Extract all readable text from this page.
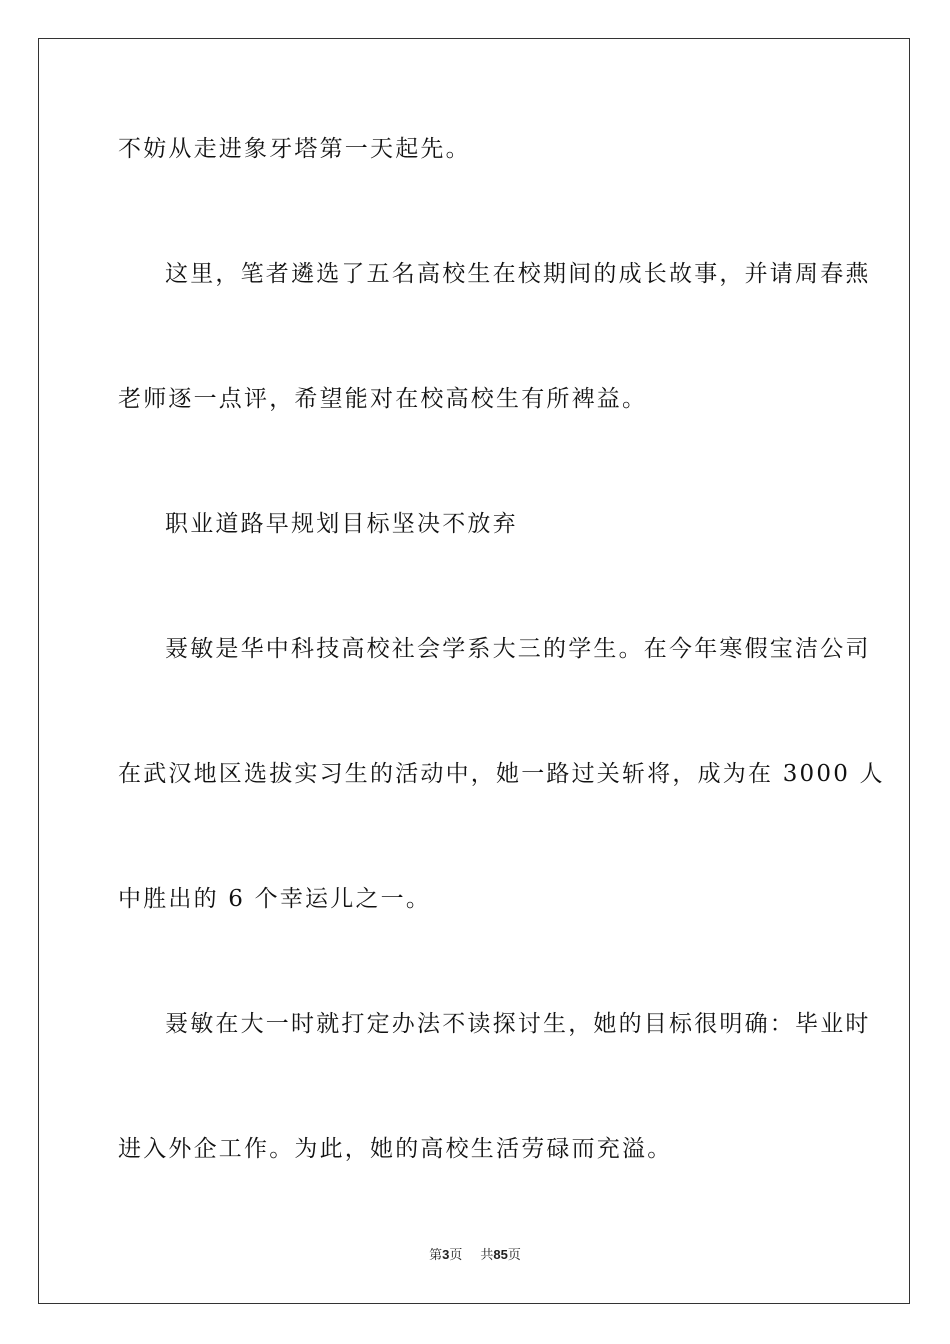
不妨从走进象牙塔第一天起先。
这里，笔者遴选了五名高校生在校期间的成长故事，并请周春燕
老师逐一点评，希望能对在校高校生有所裨益。
职业道路早规划目标坚决不放弃
聂敏是华中科技高校社会学系大三的学生。在今年寒假宝洁公司
在武汉地区选拔实习生的活动中，她一路过关斩将，成为在 3000 人
中胜出的 6 个幸运儿之一。
聂敏在大一时就打定办法不读探讨生，她的目标很明确：毕业时
进入外企工作。为此，她的高校生活劳碌而充溢。
第3页 共85页
